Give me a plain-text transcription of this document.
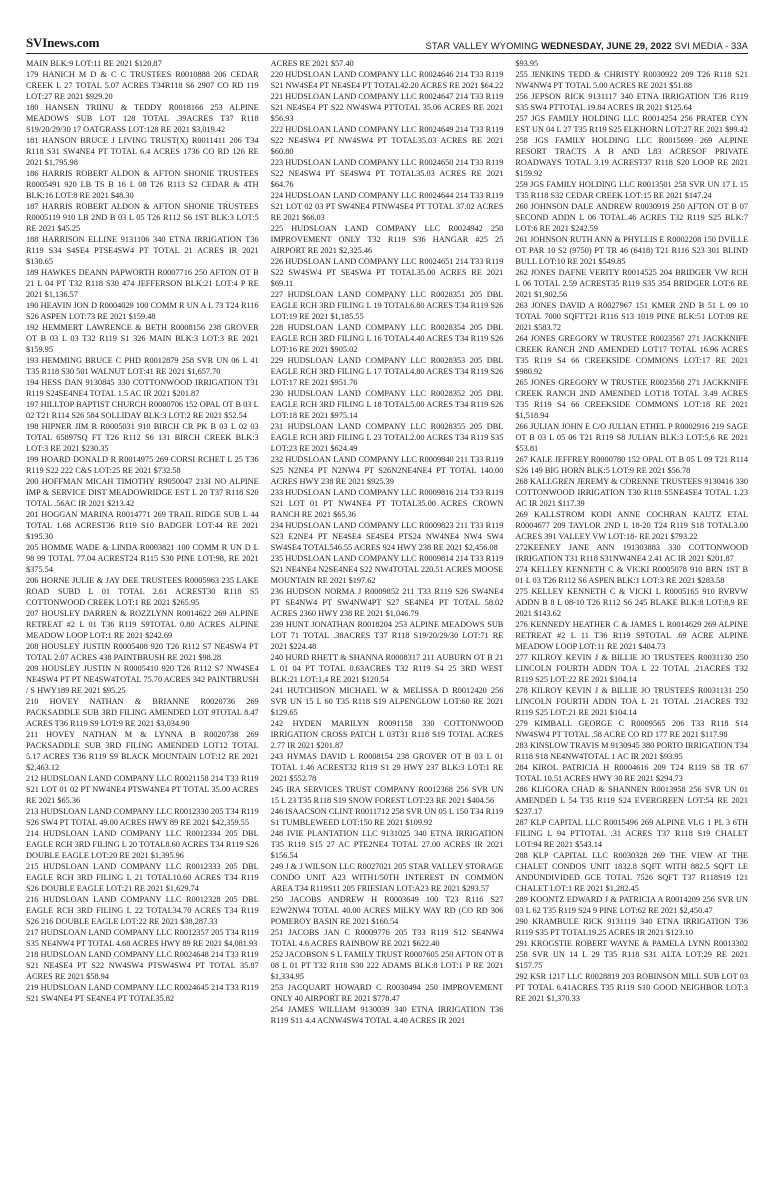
SVInews.com	STAR VALLEY WYOMING WEDNESDAY, JUNE 29, 2022 SVI MEDIA - 33A

MAIN BLK:9 LOT:11 RE 2021 $120.87

179 HANICH M D & C C TRUSTEES R0010888 206 CEDAR CREEK L 27 TOTAL 5.07 ACRES T34R118 S6 2907 CO RD 119 LOT:27 RE 2021 $929.20

180 HANSEN TRIINU & TEDDY R0018166 253 ALPINE MEADOWS SUB LOT 128 TOTAL .39ACRES T37 R118 S19/20/29/30 17 OATGRASS LOT:128 RE 2021 $3,019.42

181 HANSON BRUCE J LIVING TRUST(X) R0011411 206 T34 R118 S31 SW4NE4 PT TOTAL 6.4 ACRES 1736 CO RD 126 RE 2021 $1,795.98

186 HARRIS ROBERT ALDON & AFTON SHONIE TRUSTEES R0005491 920 LB TS B 16 L 08 T26 R113 S2 CEDAR & 4TH BLK:16 LOT:8 RE 2021 $48.30

187 HARRIS ROBERT ALDON & AFTON SHONIE TRUSTEES R0005119 910 LB 2ND B 03 L 05 T26 R112 S6 1ST BLK:3 LOT:5 RE 2021 $45.25

188 HARRISON ELLINE 9131106 340 ETNA IRRIGATION T36 R119 S34 S4SE4 PTSE4SW4 PT TOTAL 21 ACRES IR 2021 $130.65

189 HAWKES DEANN PAPWORTH R0007716 250 AFTON OT B 21 L 04 PT T32 R118 S30 474 JEFFERSON BLK:21 LOT:4 P RE 2021 $1,136.57

190 HEAVIN JON D R0004029 100 COMM R UN A L 73 T24 R116 S26 ASPEN LOT:73 RE 2021 $159.48

192 HEMMERT LAWRENCE & BETH R0008156 238 GROVER OT B 03 L 03 T32 R119 S1 326 MAIN BLK:3 LOT:3 RE 2021 $159.95

193 HEMMING BRUCE C PHD R0012879 258 SVR UN 06 L 41 T35 R118 S30 501 WALNUT LOT:41 RE 2021 $1,657.70

194 HESS DAN 9130845 330 COTTONWOOD IRRIGATION T31 R119 S24SE4NE4 TOTAL 1.5 AC IR 2021 $201.87

197 HILLTOP BAPTIST CHURCH R0000706 152 OPAL OT B 03 L 02 T21 R114 S26 584 SOLLIDAY BLK:3 LOT:2 RE 2021 $52.54

198 HIPNER JIM R R0005031 910 BIRCH CR PK B 03 L 02 03 TOTAL 65897SQ FT T26 R112 S6 131 BIRCH CREEK BLK:3 LOT:3 RE 2021 $230.35

199 HOARD DONALD R R0014975 269 CORSI RCHET L 25 T36 R119 S22 222 C&S LOT:25 RE 2021 $732.58

200 HOFFMAN MICAH TIMOTHY R9050047 213I NO ALPINE IMP & SERVICE DIST MEADOWRIDGE EST L 20 T37 R118 S20 TOTAL .56AC IR 2021 $213.42

201 HOGGAN MARINA R0014771 269 TRAIL RIDGE SUB L 44 TOTAL 1.68 ACREST36 R119 S10 BADGER LOT:44 RE 2021 $195.30

205 HOMME WADE & LINDA R0003821 100 COMM R UN D L 98 99 TOTAL 77.04 ACREST24 R115 S30 PINE LOT:98, RE 2021 $375.54

206 HORNE JULIE & JAY DEE TRUSTEES R0005963 235 LAKE ROAD SUBD L 01 TOTAL 2.61 ACREST30 R118 S5 COTTONWOOD CREEK LOT:1 RE 2021 $265.95

207 HOUSLEY DARREN & ROZZLYNN R0014622 269 ALPINE RETREAT #2 L 01 T36 R119 S9TOTAL 0.80 ACRES ALPINE MEADOW LOOP LOT:1 RE 2021 $242.69

208 HOUSLEY JUSTIN R0005408 920 T26 R112 S7 NE4SW4 PT TOTAL 2.07 ACRES 438 PAINTBRUSH RE 2021 $98.28

209 HOUSLEY JUSTIN N R0005410 920 T26 R112 S7 NW4SE4 NE4SW4 PT PT NE4SW4TOTAL 75.70 ACRES 342 PAINTBRUSH / S HWY189 RE 2021 $95.25

210 HOVEY NATHAN & BRIANNE R0020736 269 PACKSADDLE SUB 3RD FILING AMENDED LOT 9TOTAL 8.47 ACRES T36 R119 S9 LOT:9 RE 2021 $3,034.90

211 HOVEY NATHAN M & LYNNA B R0020738 269 PACKSADDLE SUB 3RD FILING AMENDED LOT12 TOTAL 5.17 ACRES T36 R119 S9 BLACK MOUNTAIN LOT:12 RE 2021 $2,463.12

212 HUDSLOAN LAND COMPANY LLC R0021158 214 T33 R119 S21 LOT 01 02 PT NW4NE4 PTSW4NE4 PT TOTAL 35.00 ACRES RE 2021 $65.36

213 HUDSLOAN LAND COMPANY LLC R0012330 205 T34 R119 S26 SW4 PT TOTAL 49.00 ACRES HWY 89 RE 2021 $42,359.55

214 HUDSLOAN LAND COMPANY LLC R0012334 205 DBL EAGLE RCH 3RD FILING L 20 TOTAL8.60 ACRES T34 R119 S26 DOUBLE EAGLE LOT:20 RE 2021 $1,395.96

215 HUDSLOAN LAND COMPANY LLC R0012333 205 DBL EAGLE RCH 3RD FILING L 21 TOTAL10.60 ACRES T34 R119 S26 DOUBLE EAGLE LOT:21 RE 2021 $1,629.74

216 HUDSLOAN LAND COMPANY LLC R0012328 205 DBL EAGLE RCH 3RD FILING L 22 TOTAL34.70 ACRES T34 R119 S26 216 DOUBLE EAGLE LOT:22 RE 2021 $38,287.33

217 HUDSLOAN LAND COMPANY LLC R0012357 205 T34 R119 S35 NE4NW4 PT TOTAL 4.68 ACRES HWY 89 RE 2021 $4,081.93

218 HUDSLOAN LAND COMPANY LLC R0024648 214 T33 R119 S21 NE4SE4 PT S22 NW4SW4 PTSW4SW4 PT TOTAL 35.87 ACRES RE 2021 $58.94

219 HUDSLOAN LAND COMPANY LLC R0024645 214 T33 R119 S21 SW4NE4 PT SE4NE4 PT TOTAL35.82

ACRES RE 2021 $57.40

220 HUDSLOAN LAND COMPANY LLC R0024646 214 T33 R119 S21 NW4SE4 PT NE4SE4 PT TOTAL42.20 ACRES RE 2021 $64.22

221 HUDSLOAN LAND COMPANY LLC R0024647 214 T33 R119 S21 NE4SE4 PT S22 NW4SW4 PTTOTAL 35.06 ACRES RE 2021 $56.93

222 HUDSLOAN LAND COMPANY LLC R0024649 214 T33 R119 S22 NE4SW4 PT NW4SW4 PT TOTAL35.03 ACRES RE 2021 $60.80

223 HUDSLOAN LAND COMPANY LLC R0024650 214 T33 R119 S22 NE4SW4 PT SE4SW4 PT TOTAL35.03 ACRES RE 2021 $64.76

224 HUDSLOAN LAND COMPANY LLC R0024644 214 T33 R119 S21 LOT 02 03 PT SW4NE4 PTNW4SE4 PT TOTAL 37.02 ACRES RE 2021 $66.03

225 HUDSLOAN LAND COMPANY LLC R0024942 250 IMPROVEMENT ONLY T32 R119 S36 HANGAR #25 25 AIRPORT RE 2021 $2,325.46

226 HUDSLOAN LAND COMPANY LLC R0024651 214 T33 R119 S22 SW4SW4 PT SE4SW4 PT TOTAL35.00 ACRES RE 2021 $69.11

227 HUDSLOAN LAND COMPANY LLC R0028351 205 DBL EAGLE RCH 3RD FILING L 19 TOTAL6.80 ACRES T34 R119 S26 LOT:19 RE 2021 $1,185.55

228 HUDSLOAN LAND COMPANY LLC R0028354 205 DBL EAGLE RCH 3RD FILING L 16 TOTAL4.40 ACRES T34 R119 S26 LOT:16 RE 2021 $905.02

229 HUDSLOAN LAND COMPANY LLC R0028353 205 DBL EAGLE RCH 3RD FILING L 17 TOTAL4.80 ACRES T34 R119 S26 LOT:17 RE 2021 $951.76

230 HUDSLOAN LAND COMPANY LLC R0028352 205 DBL EAGLE RCH 3RD FILING L 18 TOTAL5.00 ACRES T34 R119 S26 LOT:18 RE 2021 $975.14

231 HUDSLOAN LAND COMPANY LLC R0028355 205 DBL EAGLE RCH 3RD FILING L 23 TOTAL2.00 ACRES T34 R119 S35 LOT:23 RE 2021 $624.49

232 HUDSLOAN LAND COMPANY LLC R0009840 211 T33 R119 S25 N2NE4 PT N2NW4 PT S26N2NE4NE4 PT TOTAL 140.00 ACRES HWY 238 RE 2021 $925.39

233 HUDSLOAN LAND COMPANY LLC R0009816 214 T33 R119 S21 LOT 01 PT NW4NE4 PT TOTAL35.00 ACRES CROWN RANCH RE 2021 $65.36

234 HUDSLOAN LAND COMPANY LLC R0009823 211 T33 R119 S23 E2NE4 PT NE4SE4 SE4SE4 PTS24 NW4NE4 NW4 SW4 SW4SE4 TOTAL546.55 ACRES 924 HWY 238 RE 2021 $2,456.08

235 HUDSLOAN LAND COMPANY LLC R0009814 214 T33 R119 S21 NE4NE4 N2SE4NE4 S22 NW4TOTAL 220.51 ACRES MOOSE MOUNTAIN RE 2021 $197.62

236 HUDSON NORMA J R0009852 211 T33 R119 S26 SW4NE4 PT SE4NW4 PT SW4NW4PT S27 SE4NE4 PT TOTAL 58.02 ACRES 2360 HWY 238 RE 2021 $1,046.79

239 HUNT JONATHAN R0018204 253 ALPINE MEADOWS SUB LOT 71 TOTAL .38ACRES T37 R118 S19/20/29/30 LOT:71 RE 2021 $224.48

240 HURD RHETT & SHANNA R0008317 211 AUBURN OT B 21 L 01 04 PT TOTAL 0.63ACRES T32 R119 S4 25 3RD WEST BLK:21 LOT:1,4 RE 2021 $120.54

241 HUTCHISON MICHAEL W & MELISSA D R0012420 256 SVR UN 15 L 60 T35 R118 S19 ALPENGLOW LOT:60 RE 2021 $129.65

242 HYDEN MARILYN R0091158 330 COTTONWOOD IRRIGATION CROSS PATCH L 03T31 R118 S19 TOTAL ACRES 2.77 IR 2021 $201.87

243 HYMAS DAVID L R0008154 238 GROVER OT B 03 L 01 TOTAL 1.46 ACREST32 R119 S1 29 HWY 237 BLK:3 LOT:1 RE 2021 $552.78

245 IRA SERVICES TRUST COMPANY R0012368 256 SVR UN 15 L 23 T35 R118 S19 SNOW FOREST LOT:23 RE 2021 $404.56

246 ISAACSON CLINT R0011712 258 SVR UN 05 L 150 T34 R119 S1 TUMBLEWEED LOT:150 RE 2021 $109.92

248 IVIE PLANTATION LLC 9131025 340 ETNA IRRIGATION T35 R119 S15 27 AC PTE2NE4 TOTAL 27.00 ACRES IR 2021 $156.54

249 J & J WILSON LLC R0027021 205 STAR VALLEY STORAGE CONDO UNIT A23 WITH1/50TH INTEREST IN COMMON AREA T34 R119S11 205 FRIESIAN LOT:A23 RE 2021 $293.57

250 JACOBS ANDREW H R0003649 100 T23 R116 S27 E2W2NW4 TOTAL 40.00 ACRES MILKY WAY RD (CO RD 306 POMEROY BASIN RE 2021 $160.54

251 JACOBS JAN C R0009776 205 T33 R119 S12 SE4NW4 TOTAL 4.6 ACRES RAINBOW RE 2021 $622.40

252 JACOBSON S L FAMILY TRUST R0007605 250 AFTON OT B 08 L 01 PT T32 R118 S30 222 ADAMS BLK:8 LOT:1 P RE 2021 $1,334.95

253 JACQUART HOWARD C R0030494 250 IMPROVEMENT ONLY 40 AIRPORT RE 2021 $778.47

254 JAMES WILLIAM 9130039 340 ETNA IRRIGATION T36 R119 S11 4.4 ACNW4SW4 TOTAL 4.40 ACRES IR 2021

$93.95

255 JENKINS TEDD & CHRISTY R0030922 209 T26 R118 S21 NW4NW4 PT TOTAL 5.00 ACRES RE 2021 $51.88

256 JEPSON RICK 9131117 340 ETNA IRRIGATION T36 R119 S35 SW4 PTTOTAL 19.84 ACRES IR 2021 $125.64

257 JGS FAMILY HOLDING LLC R0014254 256 PRATER CYN EST UN 04 L 27 T35 R119 S25 ELKHORN LOT:27 RE 2021 $99.42

258 JGS FAMILY HOLDING LLC R0015699 269 ALPINE RESORT TRACTS A B AND L83 ACRESOF PRIVATE ROADWAYS TOTAL 3.19 ACREST37 R118 S20 LOOP RE 2021 $159.92

259 JGS FAMILY HOLDING LLC R0013501 258 SVR UN 17 L 15 T35 R118 S32 CEDAR CREEK LOT:15 RE 2021 $147.24

260 JOHNSON DALE ANDREW R0030919 250 AFTON OT B 07 SECOND ADDN L 06 TOTAL.46 ACRES T32 R119 S25 BLK:7 LOT:6 RE 2021 $242.59

261 JOHNSON RUTH ANN & PHYLLIS E R0002208 150 DVILLE OT PAR 10 S2 (9750) PT TR 46 (6418) T21 R116 S23 301 BLIND BULL LOT:10 RE 2021 $549.85

262 JONES DAFNE VERITY R0014525 204 BRIDGER VW RCH L 06 TOTAL 2.59 ACREST35 R119 S35 354 BRIDGER LOT:6 RE 2021 $1,902.56

263 JONES DAVID A R0027967 151 KMER 2ND B 51 L 09 10 TOTAL 7000 SQFTT21 R116 S13 1019 PINE BLK:51 LOT:09 RE 2021 $583.72

264 JONES GREGORY W TRUSTEE R0023567 271 JACKKNIFE CREEK RANCH 2ND AMENDED LOT17 TOTAL 16.96 ACRES T35 R119 S4 66 CREEKSIDE COMMONS LOT:17 RE 2021 $980.92

265 JONES GREGORY W TRUSTEE R0023568 271 JACKKNIFE CREEK RANCH 2ND AMENDED LOT18 TOTAL 3.49 ACRES T35 R119 S4 66 CREEKSIDE COMMONS LOT:18 RE 2021 $1,518.94

266 JULIAN JOHN E C/O JULIAN ETHEL P R0002916 219 SAGE OT B 03 L 05 06 T21 R119 S8 JULIAN BLK:3 LOT:5,6 RE 2021 $53.81

267 KALE JEFFREY R0000780 152 OPAL OT B 05 L 09 T21 R114 S26 149 BIG HORN BLK:5 LOT:9 RE 2021 $56.78

268 KALLGREN JEREMY & CORENNE TRUSTEES 9130416 330 COTTONWOOD IRRIGATION T30 R118 S5NE4SE4 TOTAL 1.23 AC IR 2021 $117.39

269 KALLSTROM KODI ANNE COCHRAN KAUTZ ETAL R0004677 209 TAYLOR 2ND L 18-20 T24 R119 S18 TOTAL3.00 ACRES 391 VALLEY VW LOT:18- RE 2021 $793.22

272KEENEY JANE ANN 191303883 330 COTTONWOOD IRRIGATION T31 R118 S31NW4NE4 2.41 AC IR 2021 $201.87

274 KELLEY KENNETH C & VICKI R0005078 910 BRN 1ST B 01 L 03 T26 R112 S6 ASPEN BLK:1 LOT:3 RE 2021 $283.58

275 KELLEY KENNETH C & VICKI L R0005165 910 RVRVW ADDN B 8 L 08-10 T26 R112 S6 245 BLAKE BLK:8 LOT:8,9 RE 2021 $143.62

276 KENNEDY HEATHER C & JAMES L R0014629 269 ALPINE RETREAT #2 L 11 T36 R119 S9TOTAL .69 ACRE ALPINE MEADOW LOOP LOT:11 RE 2021 $404.73

277 KILROY KEVIN J & BILLIE JO TRUSTEES R0031130 250 LINCOLN FOURTH ADDN TOA L 22 TOTAL .21ACRES T32 R119 S25 LOT:22 RE 2021 $104.14

278 KILROY KEVIN J & BILLIE JO TRUSTEES R0031131 250 LINCOLN FOURTH ADDN TOA L 21 TOTAL .21ACRES T32 R119 S25 LOT:21 RE 2021 $104.14

279 KIMBALL GEORGE C R0009565 206 T33 R118 S14 NW4SW4 PT TOTAL .58 ACRE CO RD 177 RE 2021 $117.98

283 KINSLOW TRAVIS M 9130945 380 PORTO IRRIGATION T34 R118 S18 NE4NW4TOTAL 1 AC IR 2021 $93.95

284 KIROL PATRICIA H R0004616 209 T24 R119 S8 TR 67 TOTAL 10.51 ACRES HWY 30 RE 2021 $294.73

286 KLIGORA CHAD & SHANNEN R0013958 256 SVR UN 01 AMENDED L 54 T35 R119 S24 EVERGREEN LOT:54 RE 2021 $237.17

287 KLP CAPITAL LLC R0015496 269 ALPINE VLG 1 PL 3 6TH FILING L 94 PTTOTAL .31 ACRES T37 R118 S19 CHALET LOT:94 RE 2021 $543.14

288 KLP CAPITAL LLC R0030328 269 THE VIEW AT THE CHALET CONDOS UNIT 1832.8 SQFT WITH 882.5 SQFT LE ANDUNDIVIDED GCE TOTAL 7526 SQFT T37 R118S19 121 CHALET LOT:1 RE 2021 $1,282.45

289 KOONTZ EDWARD J & PATRICIA A R0014209 256 SVR UN 03 L 62 T35 R119 S24 9 PINE LOT:62 RE 2021 $2,450.47

290 KRAMBULE RICK 9131119 340 ETNA IRRIGATION T36 R119 S35 PT TOTAL19.25 ACRES IR 2021 $123.10

291 KROGSTIE ROBERT WAYNE & PAMELA LYNN R0013302 258 SVR UN 14 L 29 T35 R118 S31 ALTA LOT:29 RE 2021 $157.75

292 KSR 1217 LLC R0028819 203 ROBINSON MILL SUB LOT 03 PT TOTAL 6.41ACRES T35 R119 S10 GOOD NEIGHBOR LOT:3 RE 2021 $1,370.33
